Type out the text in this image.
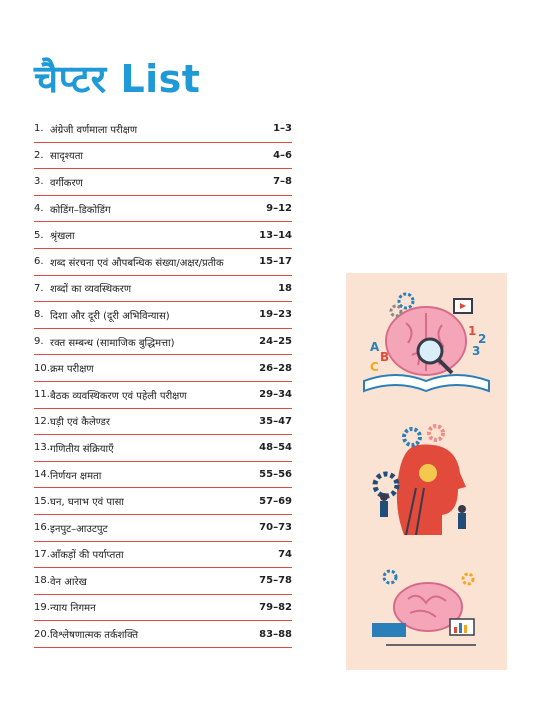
चैप्टर List
1. अंग्रेजी वर्णमाला परीक्षण	1–3
2. सादृश्यता	4–6
3. वर्गीकरण	7–8
4. कोडिंग–डिकोडिंग	9–12
5. श्रृंखला	13–14
6. शब्द संरचना एवं औपबन्धिक संख्या/अक्षर/प्रतीक	15–17
7. शब्दों का व्यवस्थिकरण	18
8. दिशा और दूरी (दूरी अभिविन्यास)	19–23
9. रक्त सम्बन्ध (सामाजिक बुद्धिमत्ता)	24–25
10. क्रम परीक्षण	26–28
11. बैठक व्यवस्थिकरण एवं पहेली परीक्षण	29–34
12. घड़ी एवं कैलेण्डर	35–47
13. गणितीय संक्रियाएँ	48–54
14. निर्णयन क्षमता	55–56
15. घन, घनाभ एवं पासा	57–69
16. इनपुट–आउटपुट	70–73
17. आँकड़ों की पर्याप्तता	74
18. वेन आरेख	75–78
19. न्याय निगमन	79–82
20. विश्लेषणात्मक तर्कशक्ति	83–88
A
B
C
1
2
3
